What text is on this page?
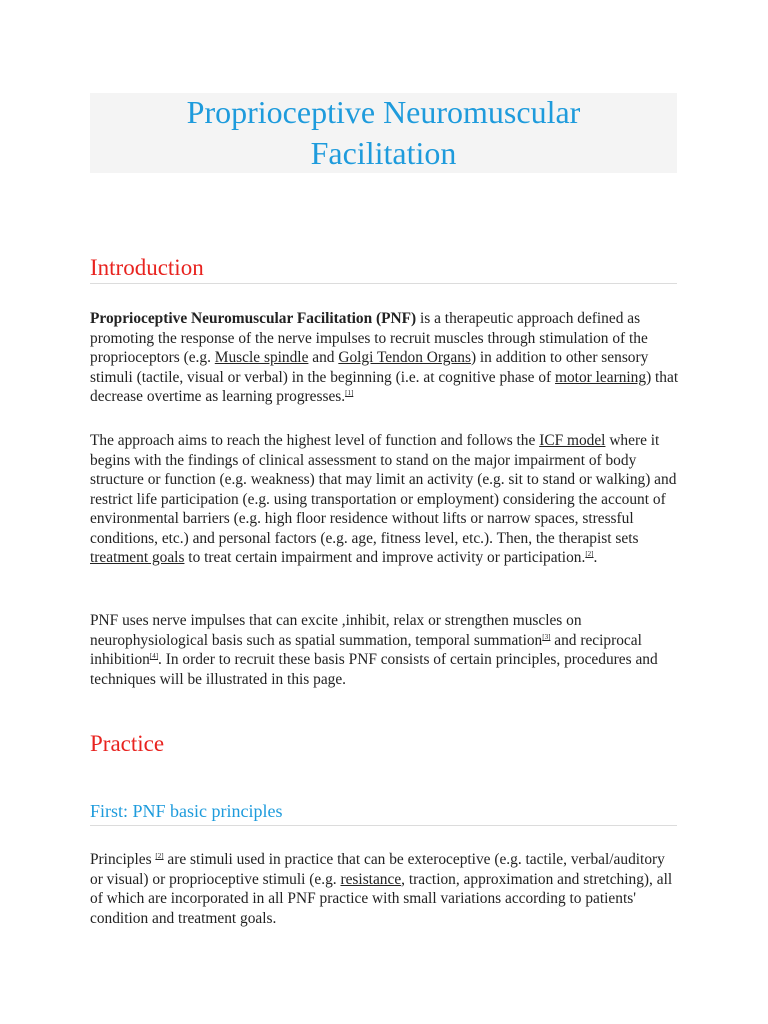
Proprioceptive Neuromuscular Facilitation
Introduction

Proprioceptive Neuromuscular Facilitation (PNF) is a therapeutic approach defined as promoting the response of the nerve impulses to recruit muscles through stimulation of the proprioceptors (e.g. Muscle spindle and Golgi Tendon Organs) in addition to other sensory stimuli (tactile, visual or verbal) in the beginning (i.e. at cognitive phase of motor learning) that decrease overtime as learning progresses.[1]

The approach aims to reach the highest level of function and follows the ICF model where it begins with the findings of clinical assessment to stand on the major impairment of body structure or function (e.g. weakness) that may limit an activity (e.g. sit to stand or walking) and restrict life participation (e.g. using transportation or employment) considering the account of environmental barriers (e.g. high floor residence without lifts or narrow spaces, stressful conditions, etc.) and personal factors (e.g. age, fitness level, etc.). Then, the therapist sets treatment goals to treat certain impairment and improve activity or participation.[2].

PNF uses nerve impulses that can excite ,inhibit, relax or strengthen muscles on neurophysiological basis such as spatial summation, temporal summation[3] and reciprocal inhibition[4]. In order to recruit these basis PNF consists of certain principles, procedures and techniques will be illustrated in this page.

Practice
First: PNF basic principles

Principles [2] are stimuli used in practice that can be exteroceptive (e.g. tactile, verbal/auditory or visual) or proprioceptive stimuli (e.g. resistance, traction, approximation and stretching), all of which are incorporated in all PNF practice with small variations according to patients' condition and treatment goals.
